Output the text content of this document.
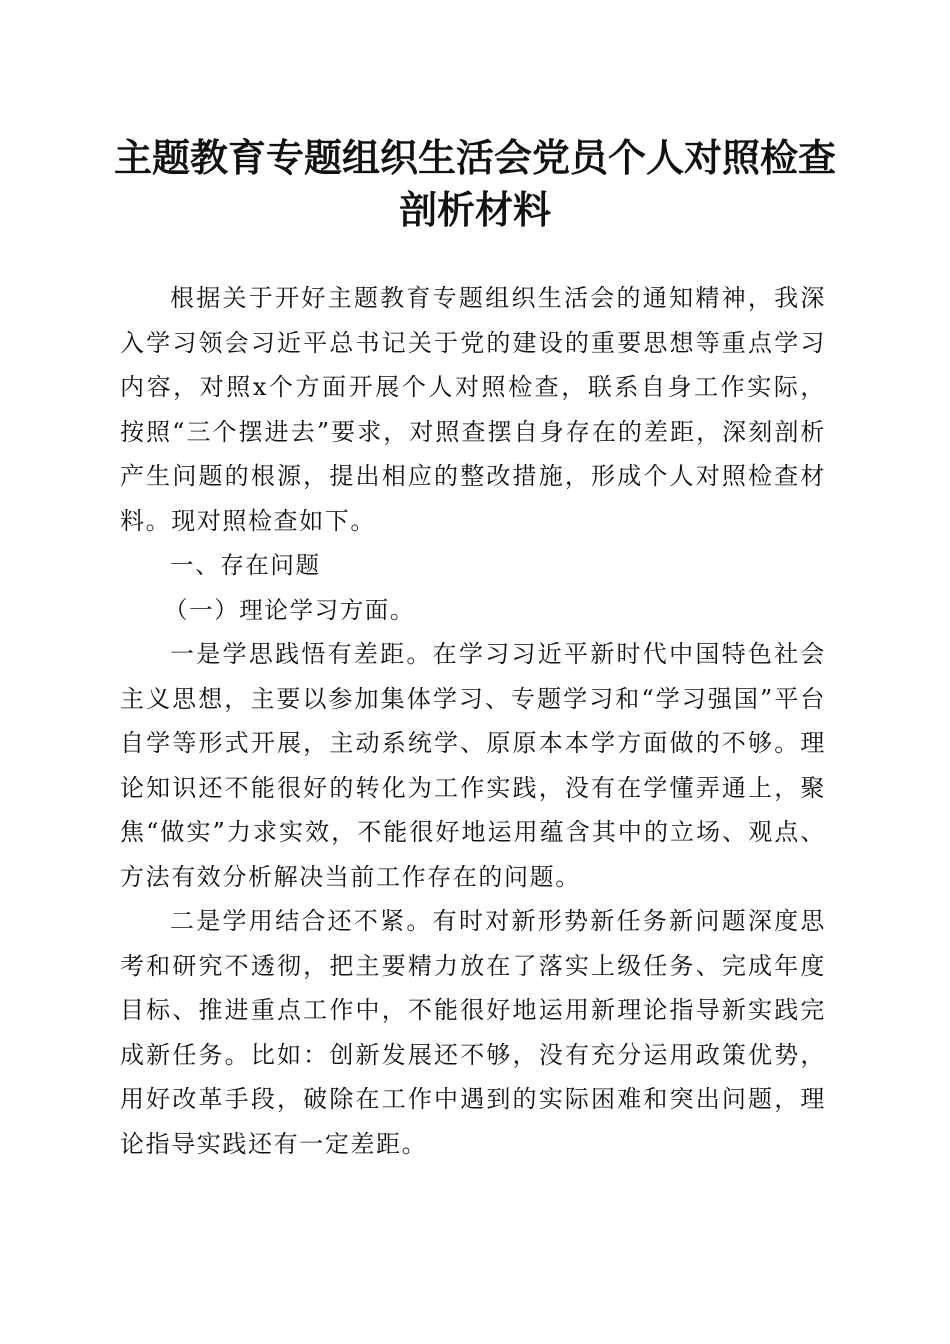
主题教育专题组织生活会党员个人对照检查剖析材料

根据关于开好主题教育专题组织生活会的通知精神，我深入学习领会习近平总书记关于党的建设的重要思想等重点学习内容，对照x个方面开展个人对照检查，联系自身工作实际，按照“三个摆进去”要求，对照查摆自身存在的差距，深刻剖析产生问题的根源，提出相应的整改措施，形成个人对照检查材料。现对照检查如下。

一、存在问题

（一）理论学习方面。

一是学思践悟有差距。在学习习近平新时代中国特色社会主义思想，主要以参加集体学习、专题学习和“学习强国”平台自学等形式开展，主动系统学、原原本本学方面做的不够。理论知识还不能很好的转化为工作实践，没有在学懂弄通上，聚焦“做实”力求实效，不能很好地运用蕴含其中的立场、观点、方法有效分析解决当前工作存在的问题。

二是学用结合还不紧。有时对新形势新任务新问题深度思考和研究不透彻，把主要精力放在了落实上级任务、完成年度目标、推进重点工作中，不能很好地运用新理论指导新实践完成新任务。比如：创新发展还不够，没有充分运用政策优势，用好改革手段，破除在工作中遇到的实际困难和突出问题，理论指导实践还有一定差距。
